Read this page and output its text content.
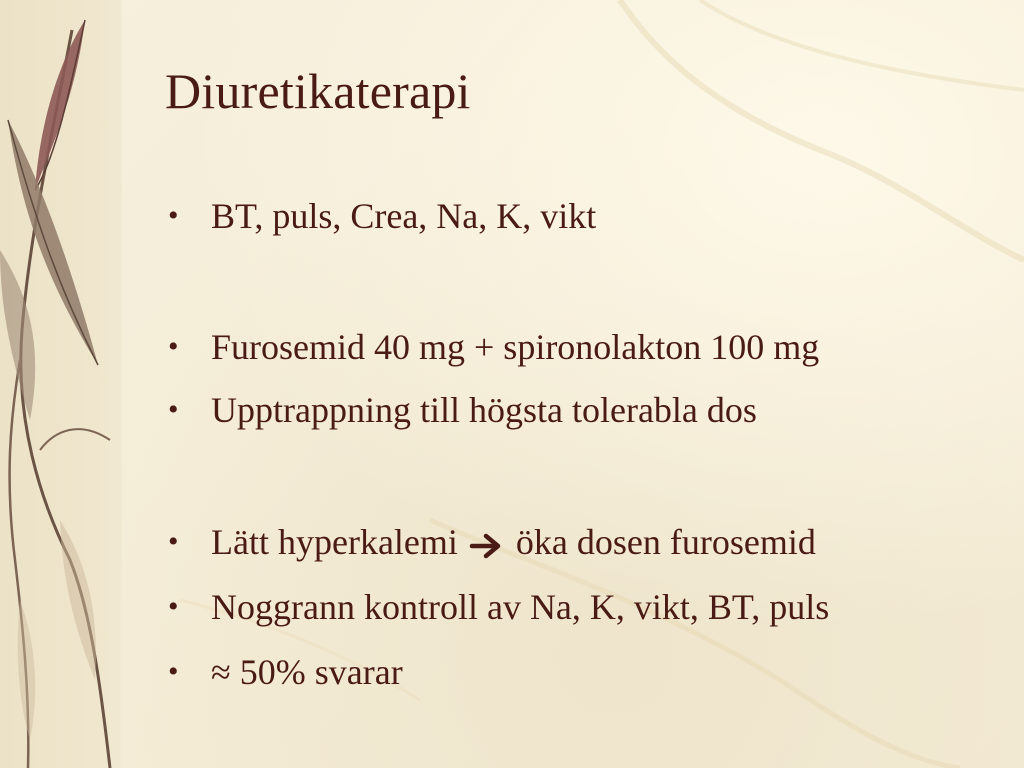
Diuretikaterapi
• BT, puls, Crea, Na, K, vikt
• Furosemid 40 mg + spironolakton 100 mg
• Upptrappning till högsta tolerabla dos
• Lätt hyperkalemi öka dosen furosemid
• Noggrann kontroll av Na, K, vikt, BT, puls
• ≈ 50% svarar
